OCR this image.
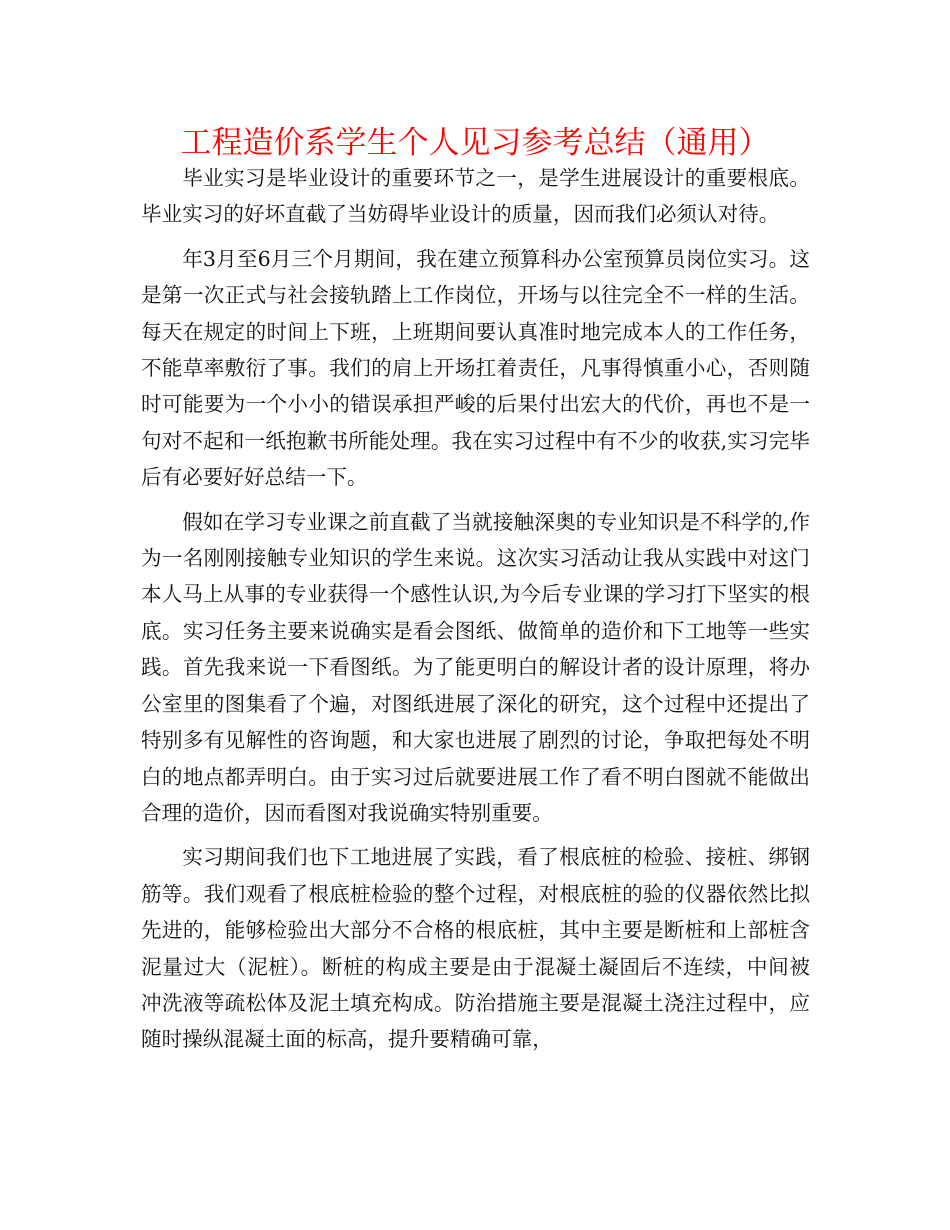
工程造价系学生个人见习参考总结（通用）

毕业实习是毕业设计的重要环节之一，是学生进展设计的重要根底。毕业实习的好坏直截了当妨碍毕业设计的质量，因而我们必须认对待。

年3月至6月三个月期间，我在建立预算科办公室预算员岗位实习。这是第一次正式与社会接轨踏上工作岗位，开场与以往完全不一样的生活。每天在规定的时间上下班，上班期间要认真准时地完成本人的工作任务，不能草率敷衍了事。我们的肩上开场扛着责任，凡事得慎重小心，否则随时可能要为一个小小的错误承担严峻的后果付出宏大的代价，再也不是一句对不起和一纸抱歉书所能处理。我在实习过程中有不少的收获,实习完毕后有必要好好总结一下。

假如在学习专业课之前直截了当就接触深奥的专业知识是不科学的,作为一名刚刚接触专业知识的学生来说。这次实习活动让我从实践中对这门本人马上从事的专业获得一个感性认识,为今后专业课的学习打下坚实的根底。实习任务主要来说确实是看会图纸、做简单的造价和下工地等一些实践。首先我来说一下看图纸。为了能更明白的解设计者的设计原理，将办公室里的图集看了个遍，对图纸进展了深化的研究，这个过程中还提出了特别多有见解性的咨询题，和大家也进展了剧烈的讨论，争取把每处不明白的地点都弄明白。由于实习过后就要进展工作了看不明白图就不能做出合理的造价，因而看图对我说确实特别重要。

实习期间我们也下工地进展了实践，看了根底桩的检验、接桩、绑钢筋等。我们观看了根底桩检验的整个过程，对根底桩的验的仪器依然比拟先进的，能够检验出大部分不合格的根底桩，其中主要是断桩和上部桩含泥量过大（泥桩）。断桩的构成主要是由于混凝土凝固后不连续，中间被冲洗液等疏松体及泥土填充构成。防治措施主要是混凝土浇注过程中，应随时操纵混凝土面的标高，提升要精确可靠，
